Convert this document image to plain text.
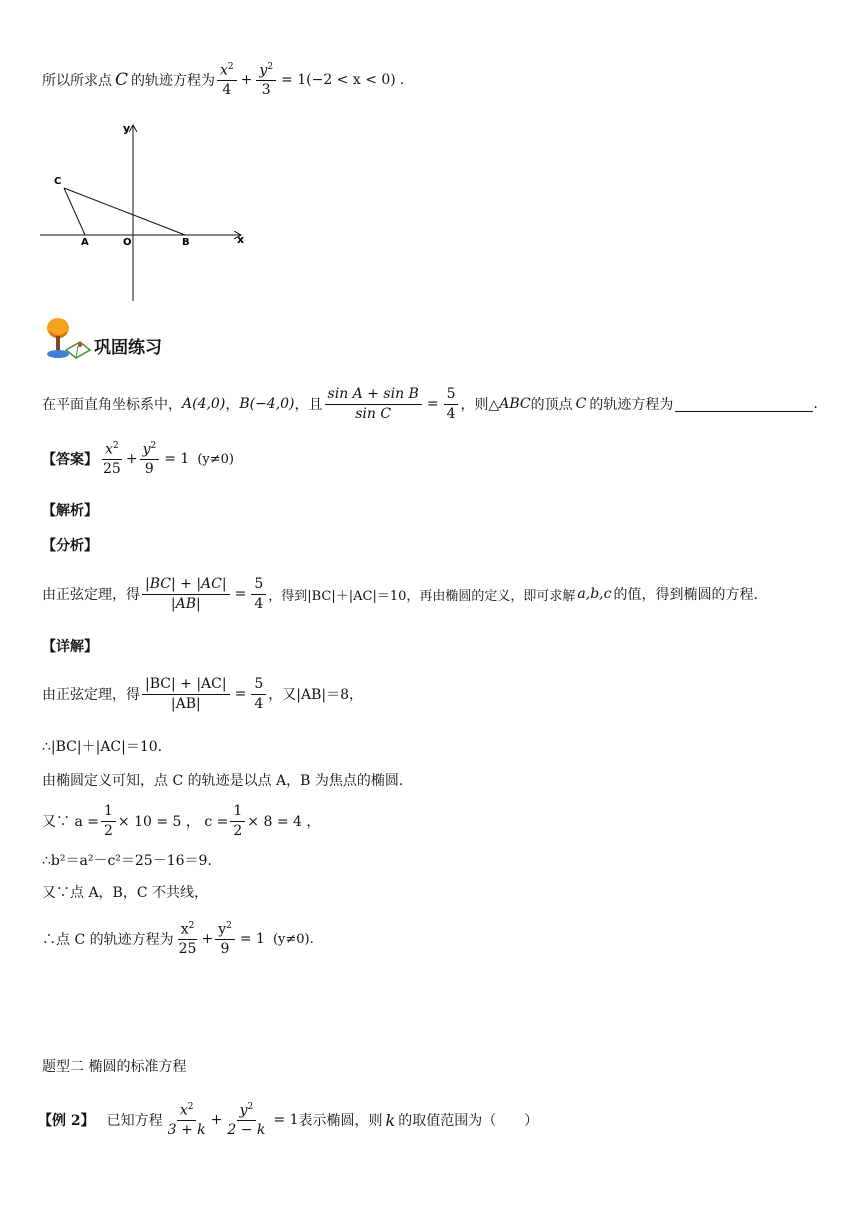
所以所求点 C 的轨迹方程为 $\frac{x^2}{4} + \frac{y^2}{3} = 1(-2 < x < 0)$ .
y
x
C
A	O	B
巩固练习
在平面直角坐标系中， A(4,0) ， B(−4,0) ，且 $\frac{\text{sin A + sin B}}{\text{sin C}} = \frac{5}{4}$ ，则△ ABC 的顶点 C 的轨迹方程为	.
【答案】 $\frac{x^2}{25} + \frac{y^2}{9} = 1$ (y≠0)
【解析】
【分析】
由正弦定理，得 $\frac{|BC| + |AC|}{|AB|} = \frac{5}{4}$ ，得到|BC|＋|AC|＝10，再由椭圆的定义，即可求解 a,b,c 的值，得到椭圆的方程.
【详解】
由正弦定理，得 $\frac{|BC| + |AC|}{|AB|} = \frac{5}{4}$ ，又|AB|＝8，
∴|BC|＋|AC|＝10.
由椭圆定义可知，点 C 的轨迹是以点 A，B 为焦点的椭圆.
又∵ $a = \frac{1}{2} \times 10 = 5$ ， $c = \frac{1}{2} \times 8 = 4$ ，
∴b²＝a²－c²＝25－16＝9.
又∵点 A，B，C 不共线，
∴点 C 的轨迹方程为 $\frac{x^2}{25} + \frac{y^2}{9} = 1$ (y≠0).
题型二 椭圆的标准方程
【例 2】 已知方程 $\frac{x^2}{3 + k} + \frac{y^2}{2 - k} = 1$ 表示椭圆，则 k 的取值范围为（　　）
